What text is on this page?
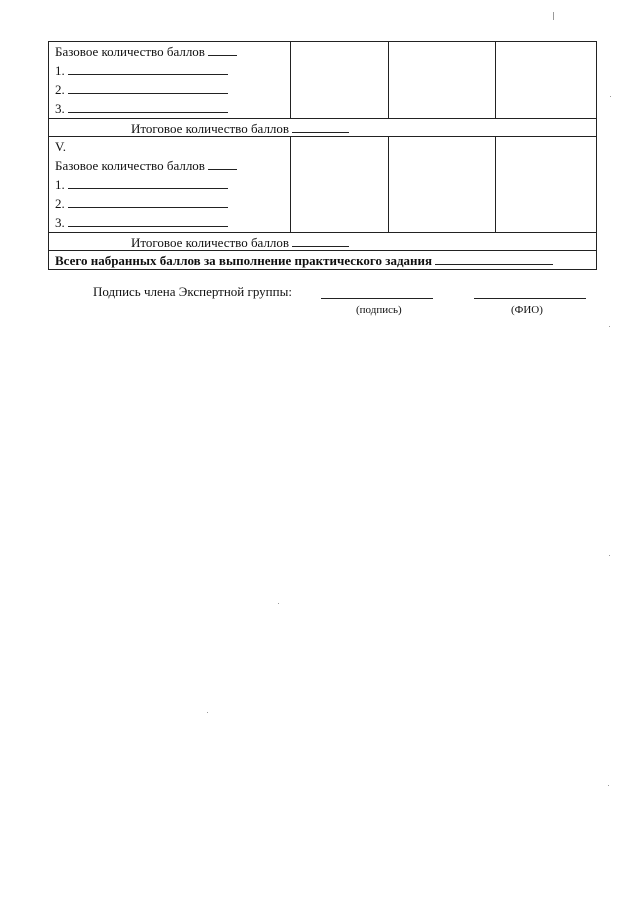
Базовое количество баллов
1.
2.
3.			

Итоговое количество баллов			

V.
Базовое количество баллов
1.
2.
3.			

Итоговое количество баллов			

Всего набранных баллов за выполнение практического задания			
Подпись члена Экспертной группы:
(подпись)	(ФИО)
